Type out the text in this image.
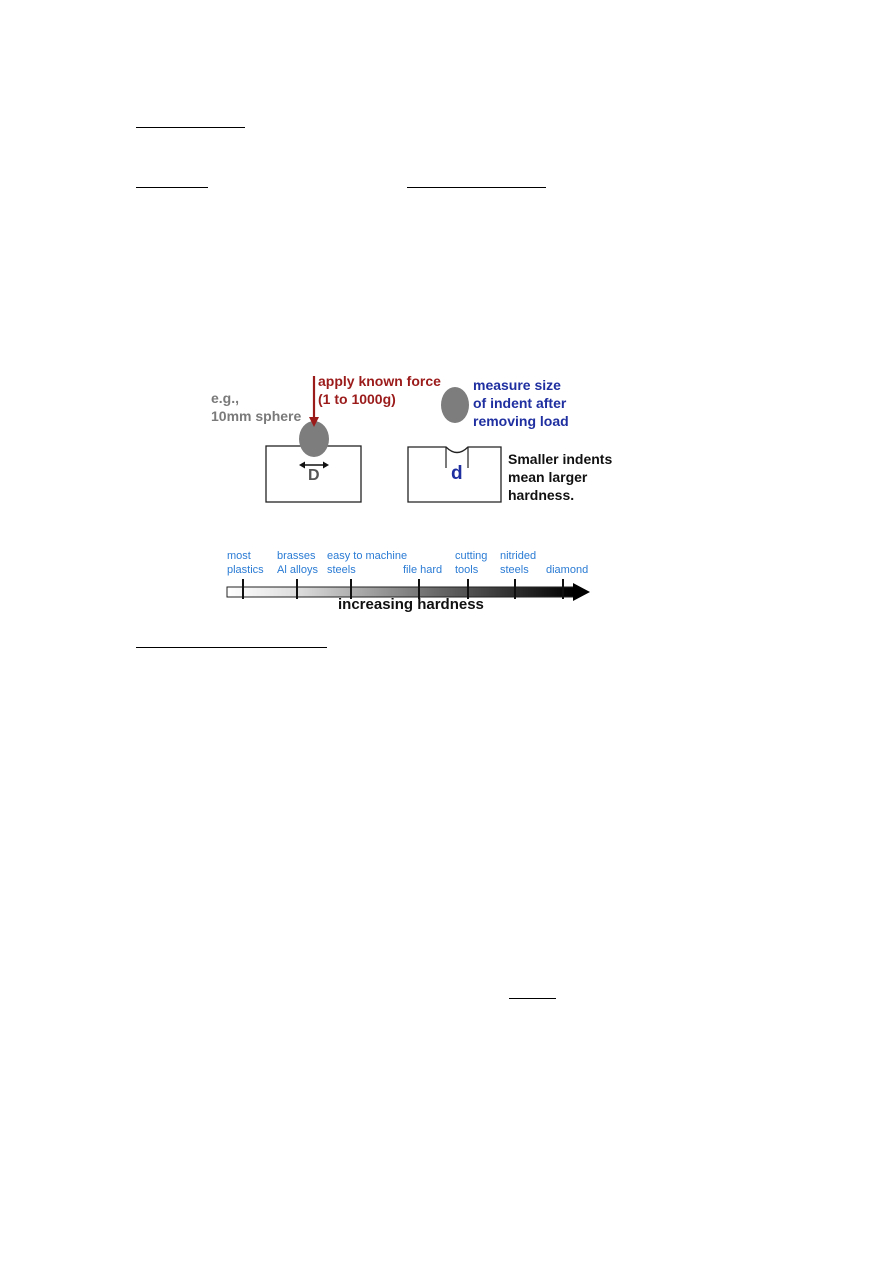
e.g.,
10mm sphere
apply known force
(1 to 1000g)
measure size
of indent after
removing load
Smaller indents
mean larger
hardness.
D	d
most
plastics
brasses
Al alloys
easy to machine
steels	file hard
cutting
tools
nitrided
steels	diamond
increasing hardness
